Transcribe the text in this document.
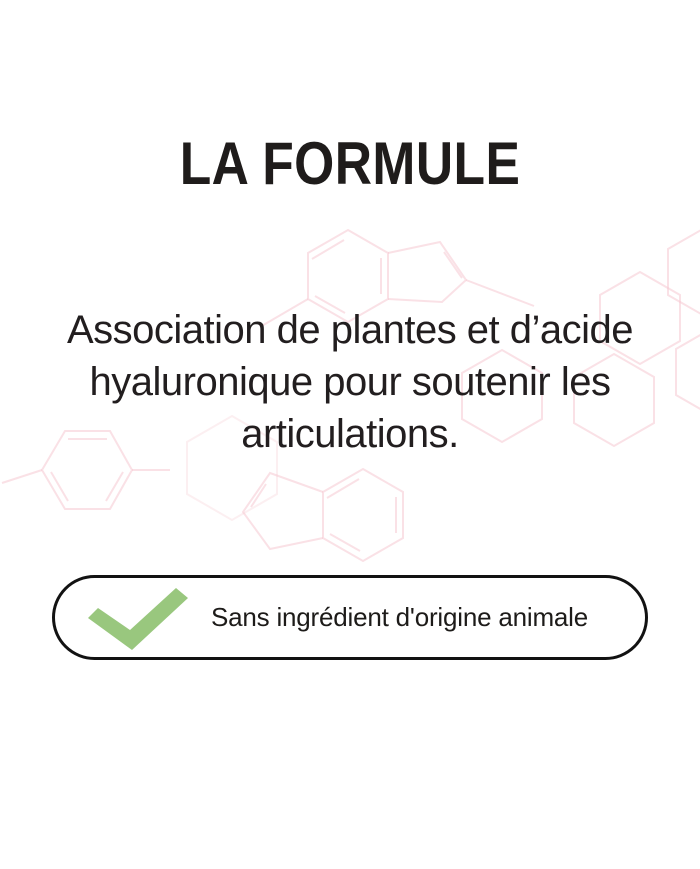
LA FORMULE
Association de plantes et d’acide
hyaluronique pour soutenir les
articulations.
Sans ingrédient d'origine animale
